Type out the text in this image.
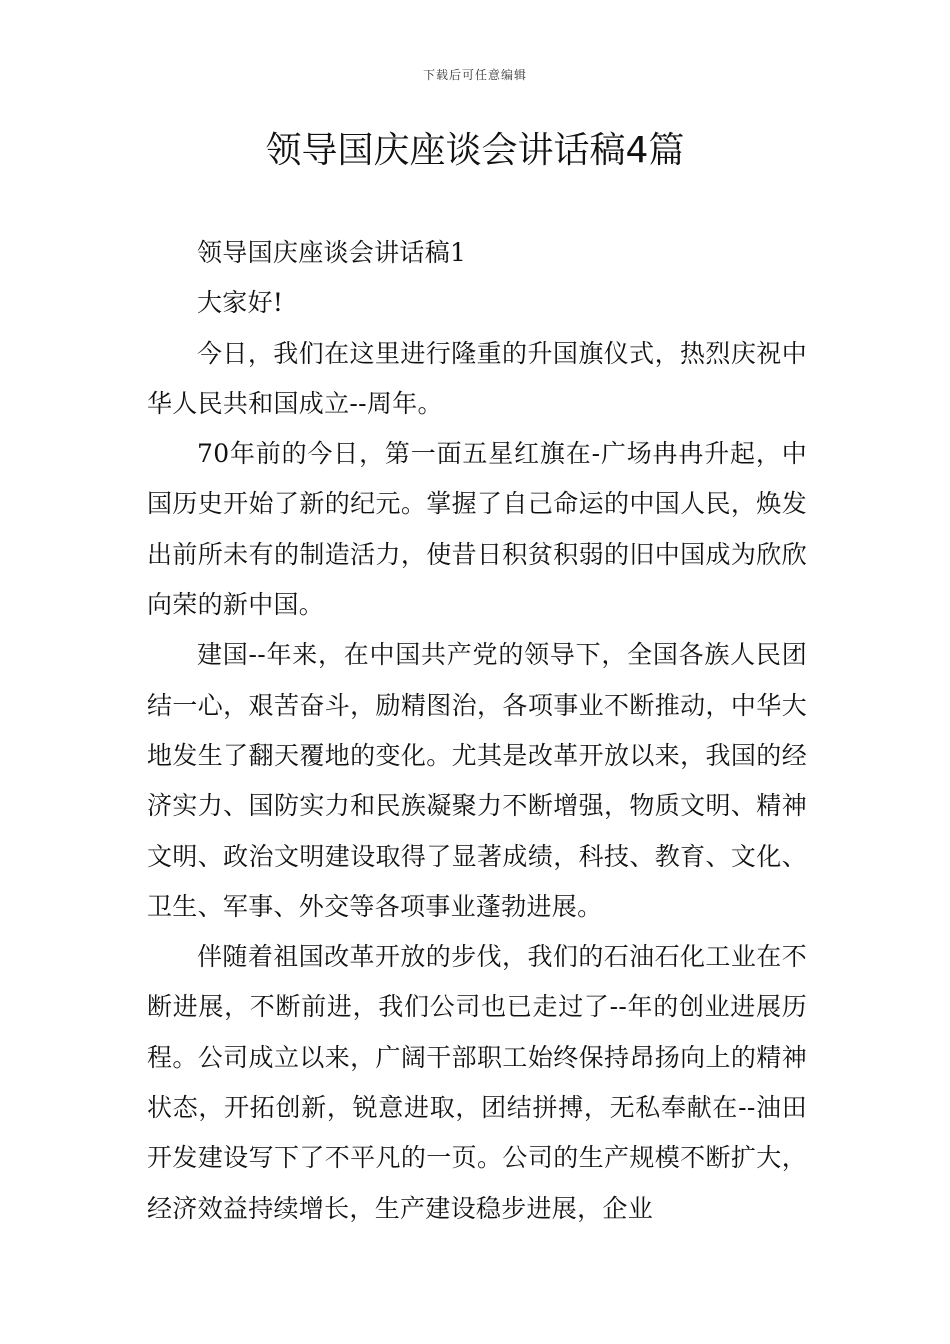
下载后可任意编辑
领导国庆座谈会讲话稿4篇

领导国庆座谈会讲话稿1

大家好!

今日，我们在这里进行隆重的升国旗仪式，热烈庆祝中华人民共和国成立--周年。

70年前的今日，第一面五星红旗在-广场冉冉升起，中国历史开始了新的纪元。掌握了自己命运的中国人民，焕发出前所未有的制造活力，使昔日积贫积弱的旧中国成为欣欣向荣的新中国。

建国--年来，在中国共产党的领导下，全国各族人民团结一心，艰苦奋斗，励精图治，各项事业不断推动，中华大地发生了翻天覆地的变化。尤其是改革开放以来，我国的经济实力、国防实力和民族凝聚力不断增强，物质文明、精神文明、政治文明建设取得了显著成绩，科技、教育、文化、卫生、军事、外交等各项事业蓬勃进展。

伴随着祖国改革开放的步伐，我们的石油石化工业在不断进展，不断前进，我们公司也已走过了--年的创业进展历程。公司成立以来，广阔干部职工始终保持昂扬向上的精神状态，开拓创新，锐意进取，团结拼搏，无私奉献在--油田开发建设写下了不平凡的一页。公司的生产规模不断扩大，经济效益持续增长，生产建设稳步进展，企业
